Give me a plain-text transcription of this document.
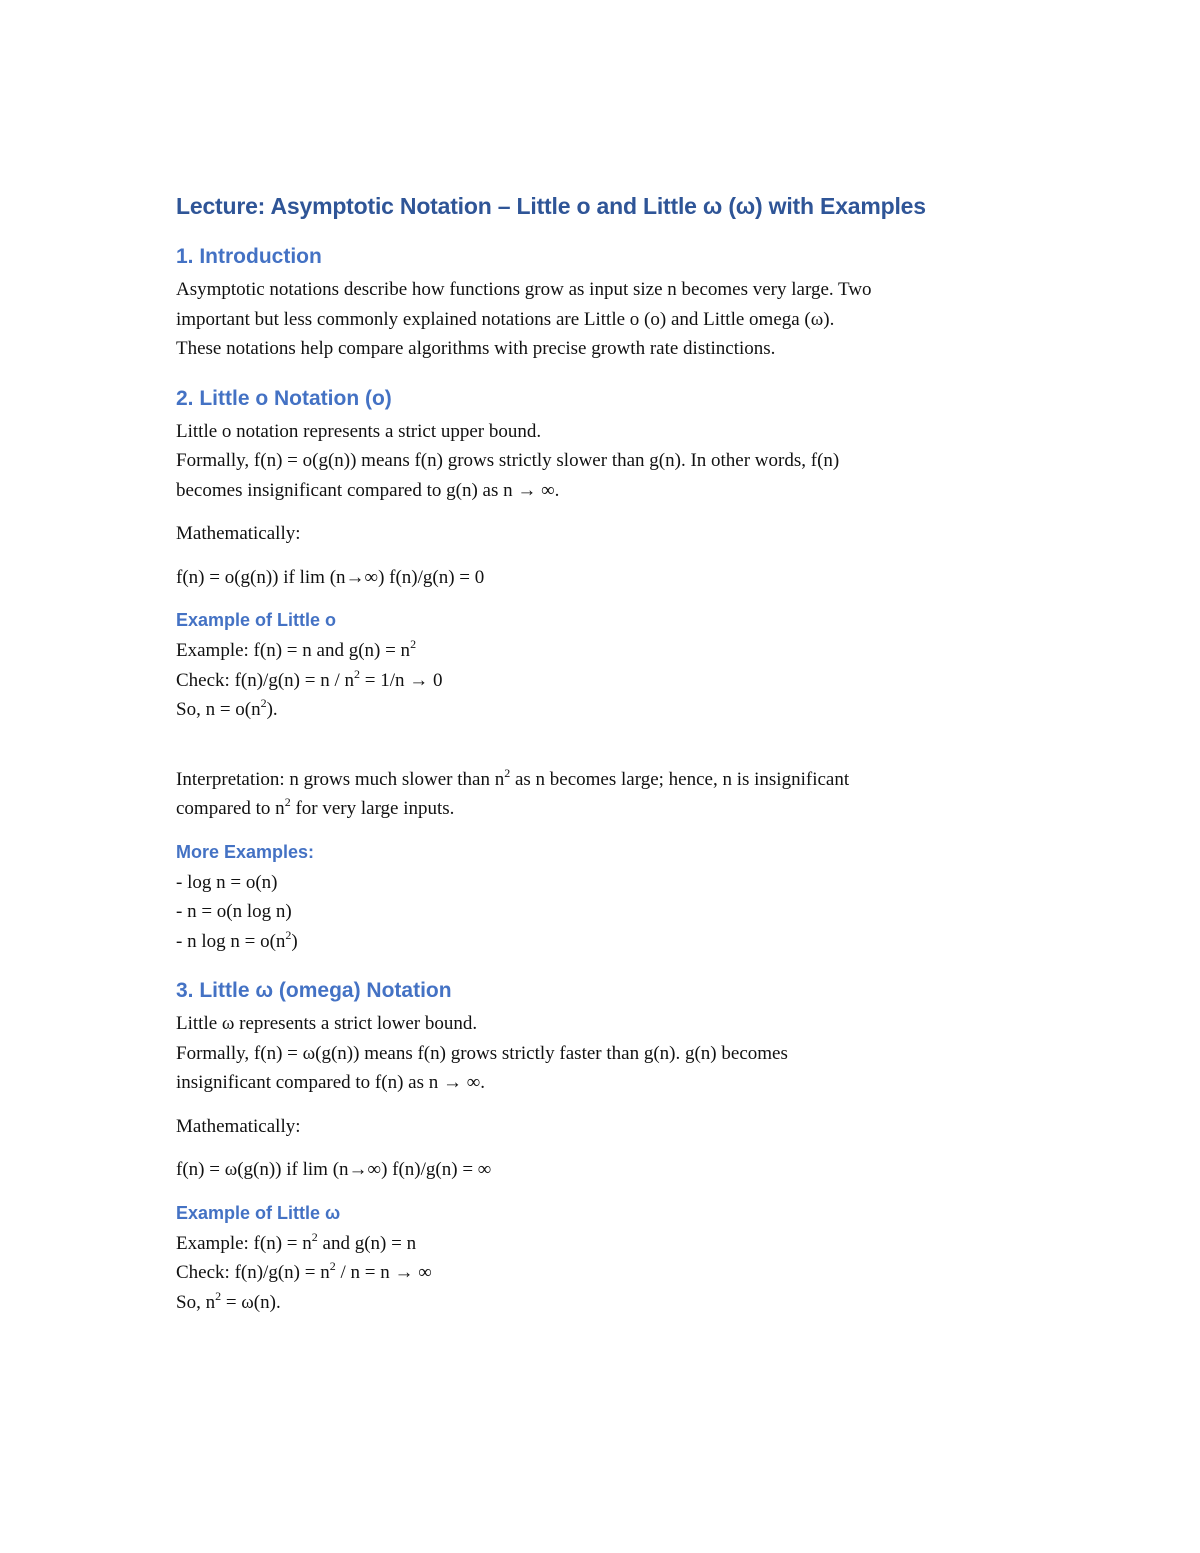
Lecture: Asymptotic Notation – Little o and Little ω (ω) with Examples
1. Introduction

Asymptotic notations describe how functions grow as input size n becomes very large. Two

important but less commonly explained notations are Little o (o) and Little omega (ω).

These notations help compare algorithms with precise growth rate distinctions.

2. Little o Notation (o)

Little o notation represents a strict upper bound.

Formally, f(n) = o(g(n)) means f(n) grows strictly slower than g(n). In other words, f(n)

becomes insignificant compared to g(n) as n → ∞.

Mathematically:

f(n) = o(g(n)) if lim (n→∞) f(n)/g(n) = 0

Example of Little o

Example: f(n) = n and $g(n) = n^2$

Check: $f(n)/g(n) = n / n^2 = 1/n \to 0$

So, $n = o(n^2)$.

Interpretation: n grows much slower than $n^2$ as n becomes large; hence, n is insignificant

compared to $n^2$ for very large inputs.

More Examples:

- log n = o(n)

- n = o(n log n)

- n $\log n = o(n^2)$

3. Little ω (omega) Notation

Little ω represents a strict lower bound.

Formally, f(n) = ω(g(n)) means f(n) grows strictly faster than g(n). g(n) becomes

insignificant compared to f(n) as n → ∞.

Mathematically:

f(n) = ω(g(n)) if lim (n→∞) f(n)/g(n) = ∞

Example of Little ω

Example: $f(n) = n^2$ and g(n) = n

Check: $f(n)/g(n) = n^2 / n = n$ → ∞

So, $n^2 = \omega(n)$.
